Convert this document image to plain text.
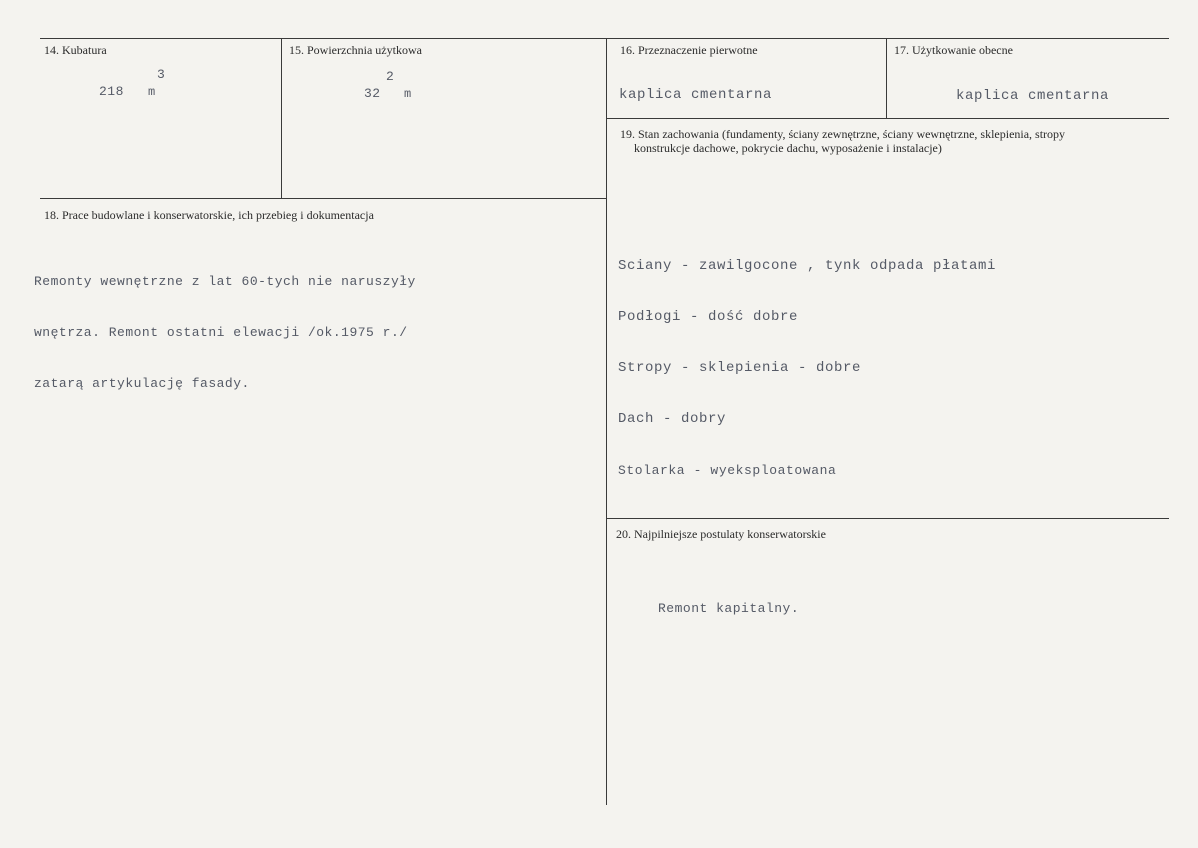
14. Kubatura
3
218 m
15. Powierzchnia użytkowa
2
32 m
16. Przeznaczenie pierwotne
kaplica cmentarna
17. Użytkowanie obecne
kaplica cmentarna
18. Prace budowlane i konserwatorskie, ich przebieg i dokumentacja

Remonty wewnętrzne z lat 60-tych nie naruszyły

wnętrza. Remont ostatni elewacji /ok.1975 r./

zatarą artykulację fasady.

19. Stan zachowania (fundamenty, ściany zewnętrzne, ściany wewnętrzne, sklepienia, stropy
konstrukcje dachowe, pokrycie dachu, wyposażenie i instalacje)

Sciany - zawilgocone , tynk odpada płatami

Podłogi - dość dobre

Stropy - sklepienia - dobre

Dach - dobry

Stolarka - wyeksploatowana

20. Najpilniejsze postulaty konserwatorskie
Remont kapitalny.
